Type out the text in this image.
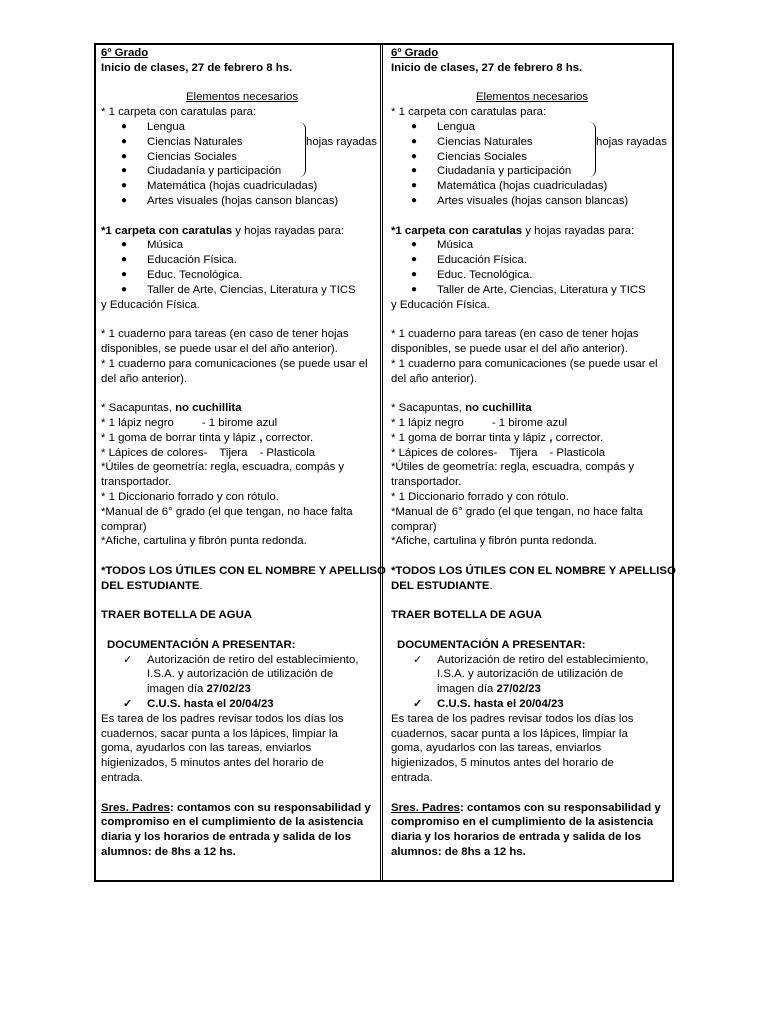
6º Grado
Inicio de clases, 27 de febrero 8 hs.
Elementos necesarios
* 1 carpeta con caratulas para:
● Lengua
● Ciencias Naturales
● Ciencias Sociales
● Ciudadanía y participación
● Matemática (hojas cuadriculadas)
● Artes visuales (hojas canson blancas)
hojas rayadas
*1 carpeta con caratulas y hojas rayadas para:
● Música
● Educación Física.
● Educ. Tecnológica.
● Taller de Arte, Ciencias, Literatura y TICS
y Educación Física.
* 1 cuaderno para tareas (en caso de tener hojas
disponibles, se puede usar el del año anterior).
* 1 cuaderno para comunicaciones (se puede usar el
del año anterior).
* Sacapuntas, no cuchillita
* 1 lápiz negro - 1 birome azul
* 1 goma de borrar tinta y lápiz , corrector.
* Lápices de colores- Tijera - Plasticola
*Útiles de geometría: regla, escuadra, compás y
transportador.
* 1 Diccionario forrado y con rótulo.
*Manual de 6° grado (el que tengan, no hace falta
comprar)
*Afiche, cartulina y fibrón punta redonda.
*TODOS LOS ÚTILES CON EL NOMBRE Y APELLISO
DEL ESTUDIANTE.
TRAER BOTELLA DE AGUA
DOCUMENTACIÓN A PRESENTAR:
✓ Autorización de retiro del establecimiento,
I.S.A. y autorización de utilización de
imagen día 27/02/23
✓ C.U.S. hasta el 20/04/23
Es tarea de los padres revisar todos los días los
cuadernos, sacar punta a los lápices, limpiar la
goma, ayudarlos con las tareas, enviarlos
higienizados, 5 minutos antes del horario de
entrada.
Sres. Padres: contamos con su responsabilidad y
compromiso en el cumplimiento de la asistencia
diaria y los horarios de entrada y salida de los
alumnos: de 8hs a 12 hs.
6º Grado
Inicio de clases, 27 de febrero 8 hs.
Elementos necesarios
* 1 carpeta con caratulas para:
● Lengua
● Ciencias Naturales
● Ciencias Sociales
● Ciudadanía y participación
● Matemática (hojas cuadriculadas)
● Artes visuales (hojas canson blancas)
hojas rayadas
*1 carpeta con caratulas y hojas rayadas para:
● Música
● Educación Física.
● Educ. Tecnológica.
● Taller de Arte, Ciencias, Literatura y TICS
y Educación Física.
* 1 cuaderno para tareas (en caso de tener hojas
disponibles, se puede usar el del año anterior).
* 1 cuaderno para comunicaciones (se puede usar el
del año anterior).
* Sacapuntas, no cuchillita
* 1 lápiz negro - 1 birome azul
* 1 goma de borrar tinta y lápiz , corrector.
* Lápices de colores- Tijera - Plasticola
*Útiles de geometría: regla, escuadra, compás y
transportador.
* 1 Diccionario forrado y con rótulo.
*Manual de 6° grado (el que tengan, no hace falta
comprar)
*Afiche, cartulina y fibrón punta redonda.
*TODOS LOS ÚTILES CON EL NOMBRE Y APELLISO
DEL ESTUDIANTE.
TRAER BOTELLA DE AGUA
DOCUMENTACIÓN A PRESENTAR:
✓ Autorización de retiro del establecimiento,
I.S.A. y autorización de utilización de
imagen día 27/02/23
✓ C.U.S. hasta el 20/04/23
Es tarea de los padres revisar todos los días los
cuadernos, sacar punta a los lápices, limpiar la
goma, ayudarlos con las tareas, enviarlos
higienizados, 5 minutos antes del horario de
entrada.
Sres. Padres: contamos con su responsabilidad y
compromiso en el cumplimiento de la asistencia
diaria y los horarios de entrada y salida de los
alumnos: de 8hs a 12 hs.
